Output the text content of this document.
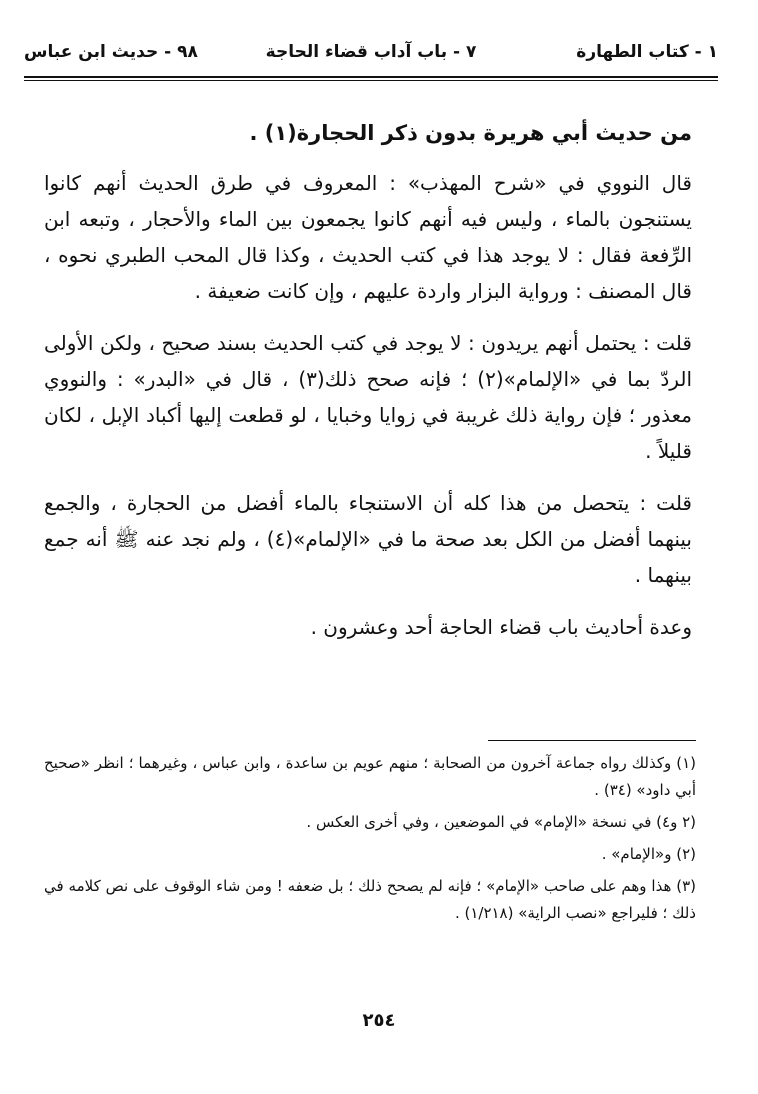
١ - كتاب الطهارة
٧ - باب آداب قضاء الحاجة
٩٨ - حديث ابن عباس

من حديث أبي هريرة بدون ذكر الحجارة(١) .

قال النووي في «شرح المهذب» : المعروف في طرق الحديث أنهم كانوا يستنجون بالماء ، وليس فيه أنهم كانوا يجمعون بين الماء والأحجار ، وتبعه ابن الرِّفعة فقال : لا يوجد هذا في كتب الحديث ، وكذا قال المحب الطبري نحوه ، قال المصنف : ورواية البزار واردة عليهم ، وإن كانت ضعيفة .

قلت : يحتمل أنهم يريدون : لا يوجد في كتب الحديث بسند صحيح ، ولكن الأولى الردّ بما في «الإلمام»(٢) ؛ فإنه صحح ذلك(٣) ، قال في «البدر» : والنووي معذور ؛ فإن رواية ذلك غريبة في زوايا وخبايا ، لو قطعت إليها أكباد الإبل ، لكان قليلاً .

قلت : يتحصل من هذا كله أن الاستنجاء بالماء أفضل من الحجارة ، والجمع بينهما أفضل من الكل بعد صحة ما في «الإلمام»(٤) ، ولم نجد عنه ﷺ أنه جمع بينهما .

وعدة أحاديث باب قضاء الحاجة أحد وعشرون .

(١) وكذلك رواه جماعة آخرون من الصحابة ؛ منهم عويم بن ساعدة ، وابن عباس ، وغيرهما ؛ انظر «صحيح أبي داود» (٣٤) .

(٢ و٤) في نسخة «الإمام» في الموضعين ، وفي أخرى العكس .

(٢) و«الإمام» .

(٣) هذا وهم على صاحب «الإمام» ؛ فإنه لم يصحح ذلك ؛ بل ضعفه ! ومن شاء الوقوف على نص كلامه في ذلك ؛ فليراجع «نصب الراية» (١/٢١٨) .

٢٥٤
